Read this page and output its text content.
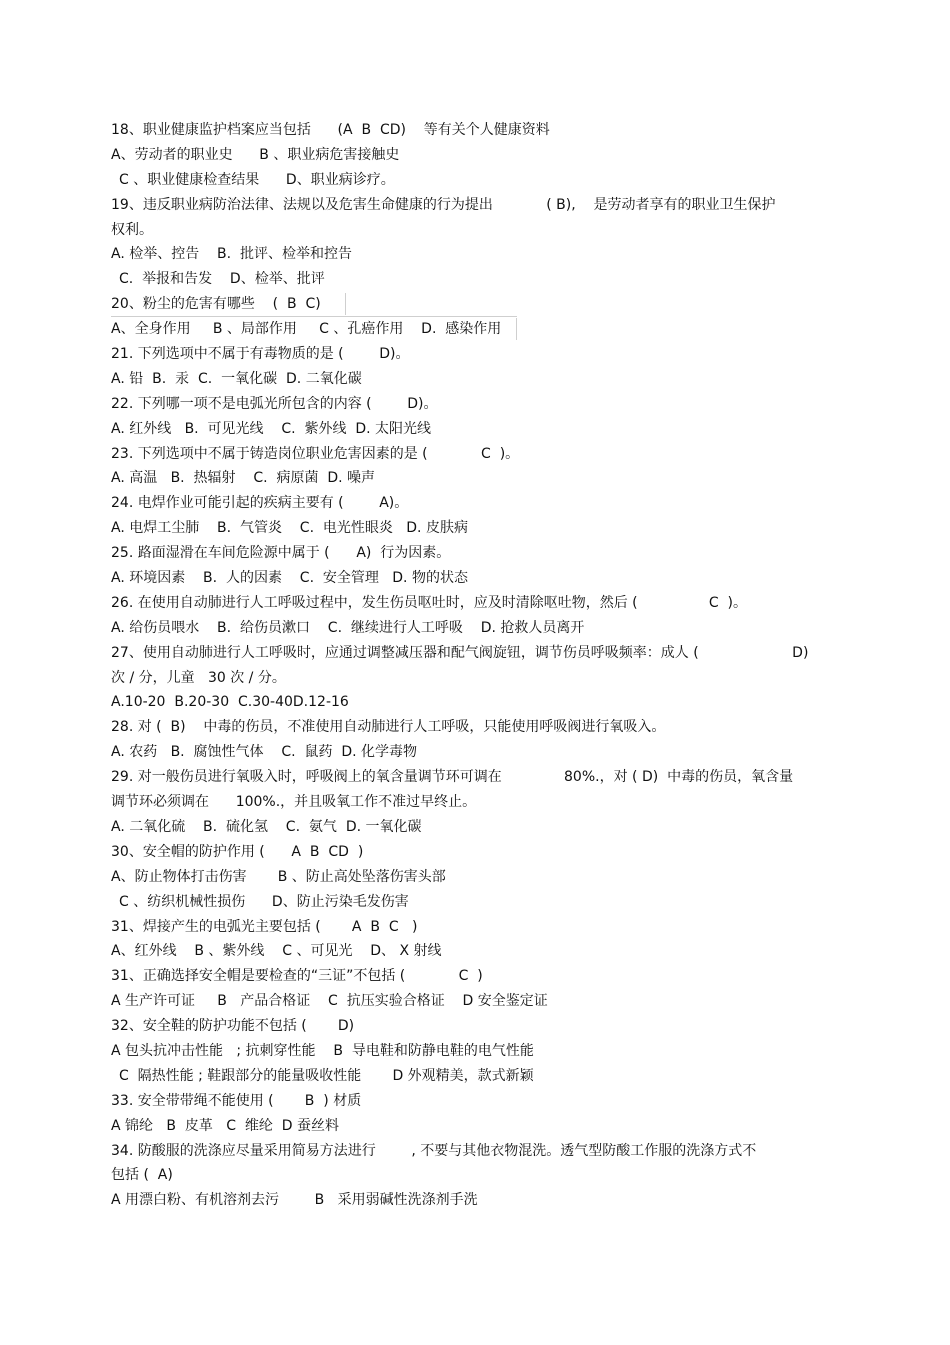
18、职业健康监护档案应当包括      (A  B  CD)    等有关个人健康资料
A、劳动者的职业史      B 、职业病危害接触史
C 、职业健康检查结果      D、职业病诊疗。
19、违反职业病防治法律、法规以及危害生命健康的行为提出            ( B),    是劳动者享有的职业卫生保护
权利。
A. 检举、控告    B.  批评、检举和控告
C.  举报和告发    D、检举、批评
20、粉尘的危害有哪些    (  B  C)
A、全身作用     B 、局部作用     C 、孔癌作用    D.  感染作用
21. 下列选项中不属于有毒物质的是 (        D)。
A. 铅  B.  汞  C.  一氧化碳  D. 二氧化碳
22. 下列哪一项不是电弧光所包含的内容 (        D)。
A. 红外线   B.  可见光线    C.  紫外线  D. 太阳光线
23. 下列选项中不属于铸造岗位职业危害因素的是 (            C  )。
A. 高温   B.  热辐射    C.  病原菌  D. 噪声
24. 电焊作业可能引起的疾病主要有 (        A)。
A. 电焊工尘肺    B.  气管炎    C.  电光性眼炎   D. 皮肤病
25. 路面湿滑在车间危险源中属于 (      A)  行为因素。
A. 环境因素    B.  人的因素    C.  安全管理   D. 物的状态
26. 在使用自动肺进行人工呼吸过程中，发生伤员呕吐时，应及时清除呕吐物，然后 (                C  )。
A. 给伤员喂水    B.  给伤员漱口    C.  继续进行人工呼吸    D. 抢救人员离开
27、使用自动肺进行人工呼吸时，应通过调整减压器和配气阀旋钮，调节伤员呼吸频率：成人 (                     D)
次 / 分，儿童   30 次 / 分。
A.10-20  B.20-30  C.30-40D.12-16
28. 对 (  B)    中毒的伤员，不准使用自动肺进行人工呼吸，只能使用呼吸阀进行氧吸入。
A. 农药   B.  腐蚀性气体    C.  鼠药  D. 化学毒物
29. 对一般伤员进行氧吸入时，呼吸阀上的氧含量调节环可调在              80%.，对 ( D)  中毒的伤员，氧含量
调节环必须调在      100%.，并且吸氧工作不准过早终止。
A. 二氧化硫    B.  硫化氢    C.  氨气  D. 一氧化碳
30、安全帽的防护作用 (      A  B  CD  )
A、防止物体打击伤害       B 、防止高处坠落伤害头部
C 、纺织机械性损伤      D、防止污染毛发伤害
31、焊接产生的电弧光主要包括 (       A  B  C   )
A、红外线    B 、紫外线    C 、可见光    D、 X 射线
31、正确选择安全帽是要检查的“三证”不包括 (            C  )
A 生产许可证     B   产品合格证    C  抗压实验合格证    D 安全鉴定证
32、安全鞋的防护功能不包括 (       D)
A 包头抗冲击性能   ; 抗刺穿性能    B  导电鞋和防静电鞋的电气性能
C  隔热性能 ; 鞋跟部分的能量吸收性能       D 外观精美，款式新颖
33. 安全带带绳不能使用 (       B  ) 材质
A 锦纶   B  皮革   C  维纶  D 蚕丝料
34. 防酸服的洗涤应尽量采用简易方法进行        , 不要与其他衣物混洗。透气型防酸工作服的洗涤方式不
包括 (  A)
A 用漂白粉、有机溶剂去污        B   采用弱碱性洗涤剂手洗
